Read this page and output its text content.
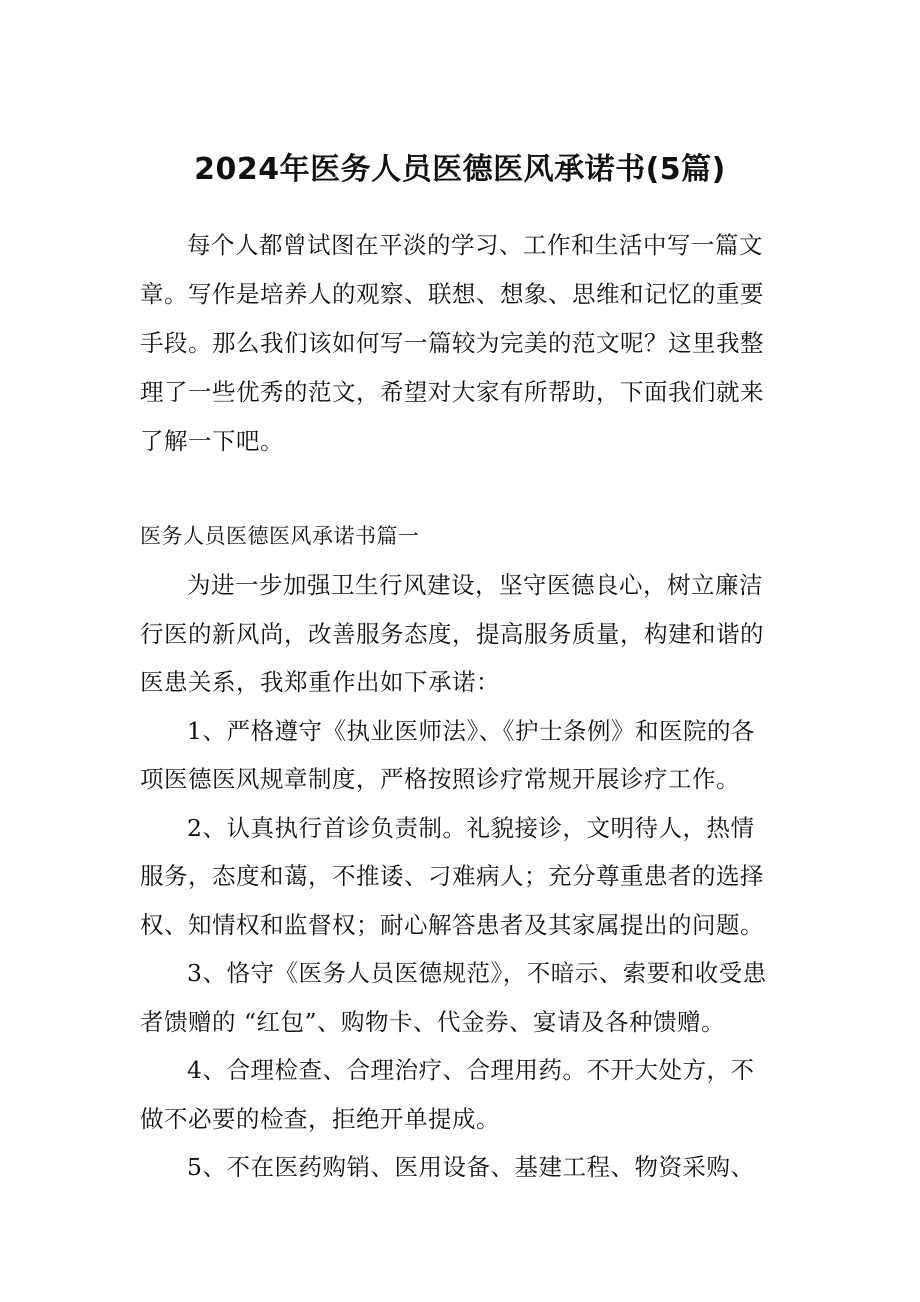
2024年医务人员医德医风承诺书(5篇)
每个人都曾试图在平淡的学习、工作和生活中写一篇文
章。写作是培养人的观察、联想、想象、思维和记忆的重要
手段。那么我们该如何写一篇较为完美的范文呢？这里我整
理了一些优秀的范文，希望对大家有所帮助，下面我们就来
了解一下吧。
医务人员医德医风承诺书篇一
为进一步加强卫生行风建设，坚守医德良心，树立廉洁
行医的新风尚，改善服务态度，提高服务质量，构建和谐的
医患关系，我郑重作出如下承诺：
1、严格遵守《执业医师法》、《护士条例》和医院的各
项医德医风规章制度，严格按照诊疗常规开展诊疗工作。
2、认真执行首诊负责制。礼貌接诊，文明待人，热情
服务，态度和蔼，不推诿、刁难病人；充分尊重患者的选择
权、知情权和监督权；耐心解答患者及其家属提出的问题。
3、恪守《医务人员医德规范》，不暗示、索要和收受患
者馈赠的 “红包”、购物卡、代金券、宴请及各种馈赠。
4、合理检查、合理治疗、合理用药。不开大处方，不
做不必要的检查，拒绝开单提成。
5、不在医药购销、医用设备、基建工程、物资采购、
